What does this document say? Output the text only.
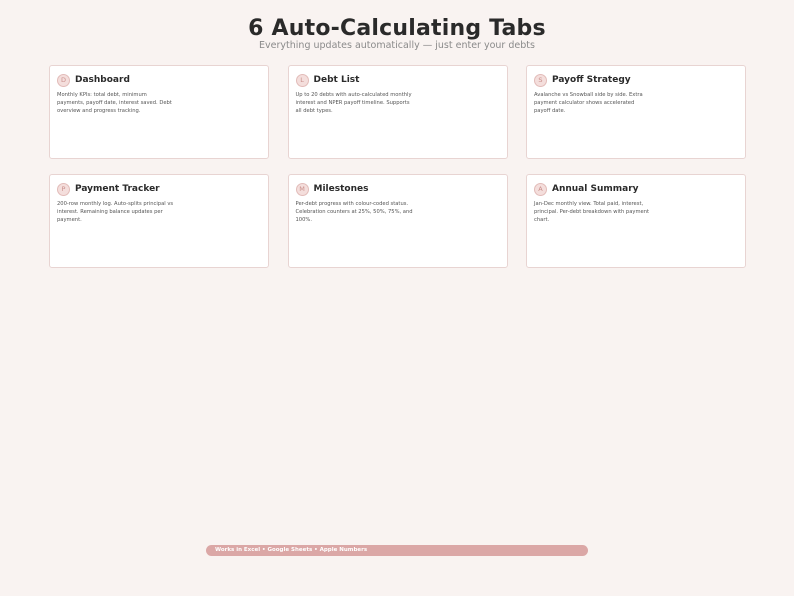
6 Auto-Calculating Tabs
Everything updates automatically — just enter your debts
D	Dashboard
Monthly KPIs: total debt, minimum payments, payoff date, interest saved. Debt overview and progress tracking.
L	Debt List
Up to 20 debts with auto-calculated monthly interest and NPER payoff timeline. Supports all debt types.
S	Payoff Strategy
Avalanche vs Snowball side by side. Extra payment calculator shows accelerated payoff date.
P	Payment Tracker
200-row monthly log. Auto-splits principal vs interest. Remaining balance updates per payment.
M Milestones
Per-debt progress with colour-coded status. Celebration counters at 25%, 50%, 75%, and 100%.
A	Annual Summary
Jan-Dec monthly view. Total paid, interest, principal. Per-debt breakdown with payment chart.
Works in Excel • Google Sheets • Apple Numbers
